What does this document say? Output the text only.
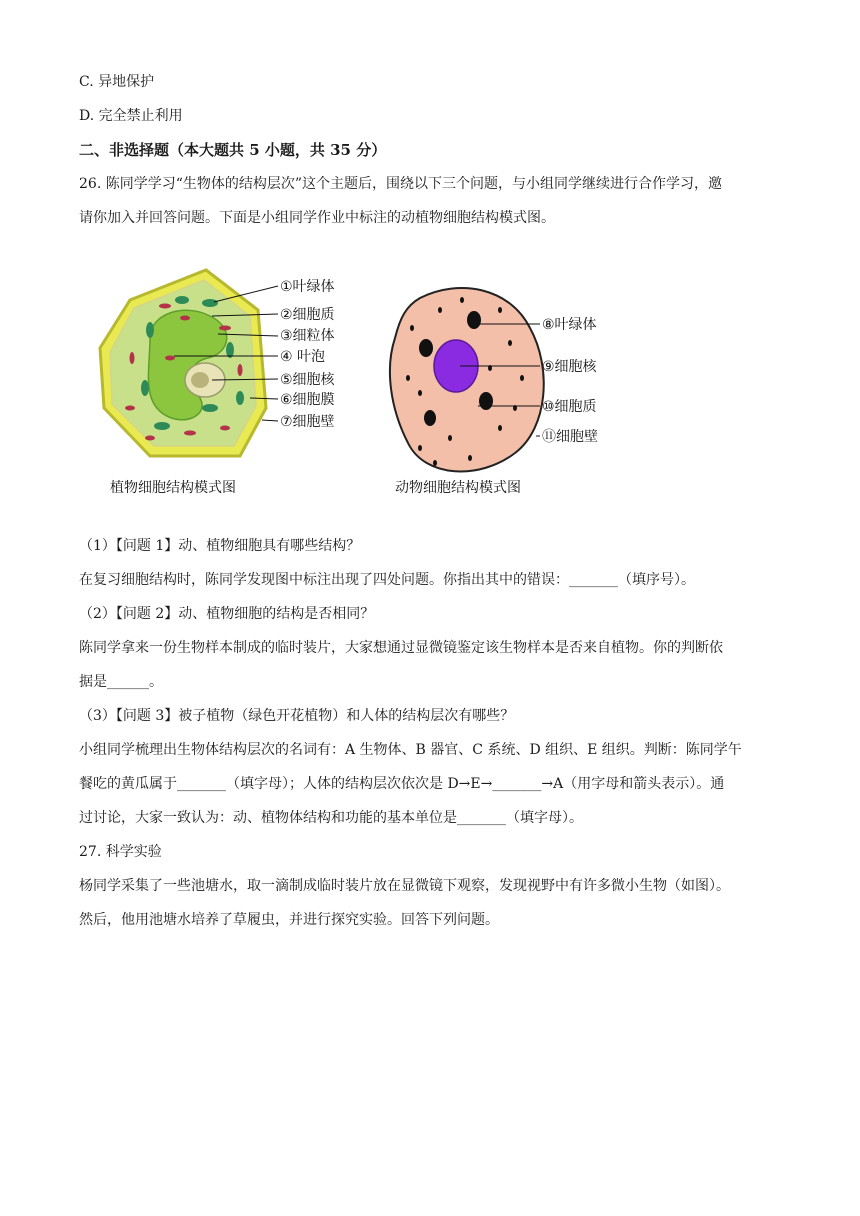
C. 异地保护
D. 完全禁止利用
二、非选择题（本大题共 5 小题，共 35 分）
26. 陈同学学习“生物体的结构层次”这个主题后，围绕以下三个问题，与小组同学继续进行合作学习，邀
请你加入并回答问题。下面是小组同学作业中标注的动植物细胞结构模式图。
①叶绿体
②细胞质
③细粒体
④ 叶泡
⑤细胞核
⑥细胞膜
⑦细胞壁
⑧叶绿体
⑨细胞核
⑩细胞质
⑪细胞壁
植物细胞结构模式图	动物细胞结构模式图
（1）【问题 1】动、植物细胞具有哪些结构？
在复习细胞结构时，陈同学发现图中标注出现了四处问题。你指出其中的错误：_______（填序号）。
（2）【问题 2】动、植物细胞的结构是否相同？
陈同学拿来一份生物样本制成的临时装片，大家想通过显微镜鉴定该生物样本是否来自植物。你的判断依
据是______。
（3）【问题 3】被子植物（绿色开花植物）和人体的结构层次有哪些？
小组同学梳理出生物体结构层次的名词有：A 生物体、B 器官、C 系统、D 组织、E 组织。判断：陈同学午
餐吃的黄瓜属于_______（填字母）；人体的结构层次依次是 D→E→_______→A（用字母和箭头表示）。通
过讨论，大家一致认为：动、植物体结构和功能的基本单位是_______（填字母）。
27. 科学实验
杨同学采集了一些池塘水，取一滴制成临时装片放在显微镜下观察，发现视野中有许多微小生物（如图）。
然后，他用池塘水培养了草履虫，并进行探究实验。回答下列问题。
